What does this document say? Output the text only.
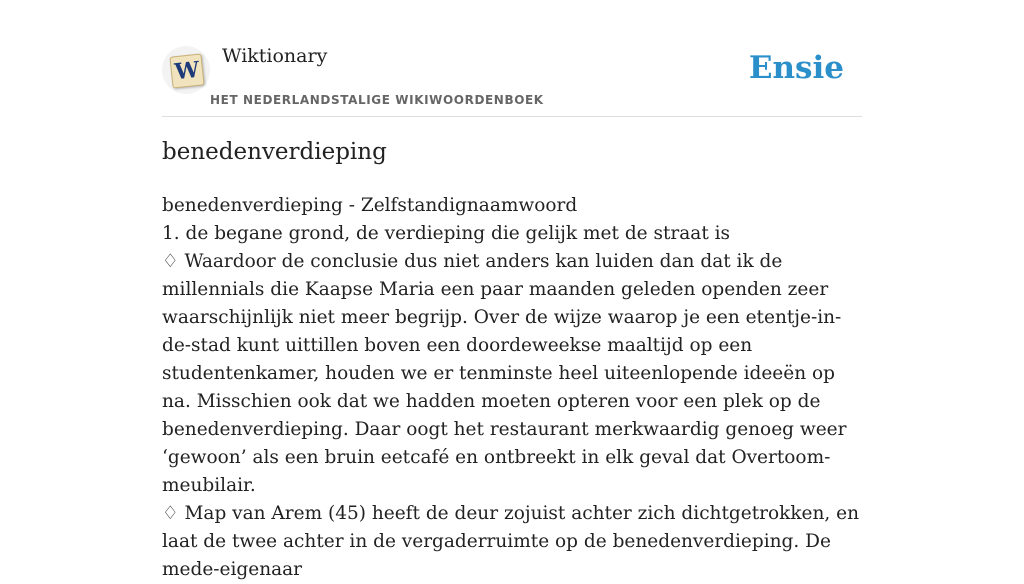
W
Wiktionary
HET NEDERLANDSTALIGE WIKIWOORDENBOEK
Ensie
benedenverdieping

benedenverdieping - Zelfstandignaamwoord

1. de begane grond, de verdieping die gelijk met de straat is

♢ Waardoor de conclusie dus niet anders kan luiden dan dat ik de millennials die Kaapse Maria een paar maanden geleden openden zeer waarschijnlijk niet meer begrijp. Over de wijze waarop je een etentje-in-de-stad kunt uittillen boven een doordeweekse maaltijd op een studentenkamer, houden we er tenminste heel uiteenlopende ideeën op na. Misschien ook dat we hadden moeten opteren voor een plek op de benedenverdieping. Daar oogt het restaurant merkwaardig genoeg weer ‘gewoon’ als een bruin eetcafé en ontbreekt in elk geval dat Overtoom-meubilair.

♢ Map van Arem (45) heeft de deur zojuist achter zich dichtgetrokken, en laat de twee achter in de vergaderruimte op de benedenverdieping. De mede-eigenaar
